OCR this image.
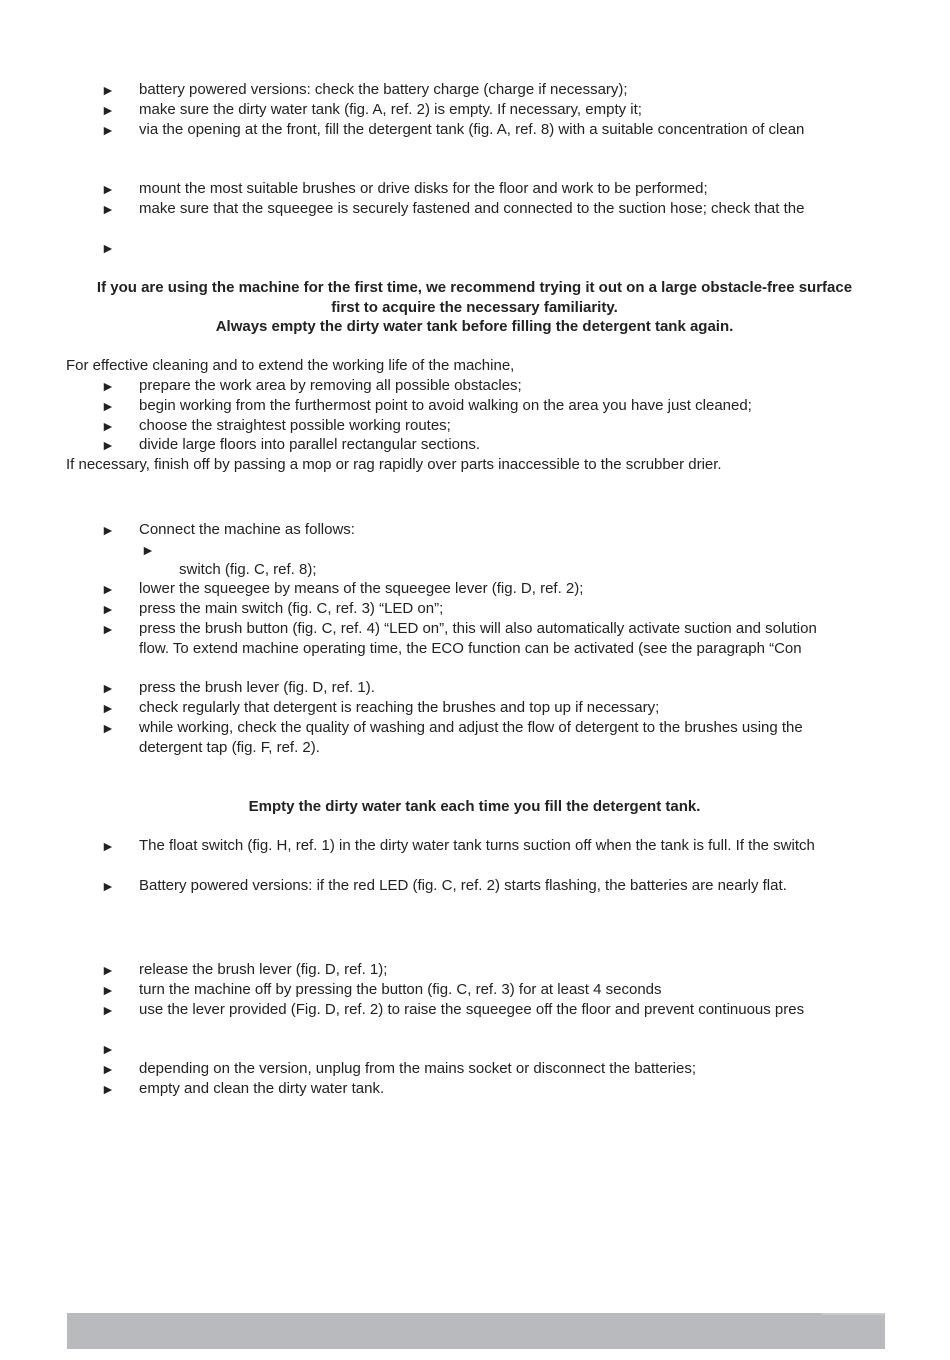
► battery powered versions: check the battery charge (charge if necessary);
► make sure the dirty water tank (fig. A, ref. 2) is empty. If necessary, empty it;
► via the opening at the front, fill the detergent tank (fig. A, ref. 8) with a suitable concentration of clean
► mount the most suitable brushes or drive disks for the floor and work to be performed;
► make sure that the squeegee is securely fastened and connected to the suction hose; check that the
►
If you are using the machine for the first time, we recommend trying it out on a large obstacle-free surface
first to acquire the necessary familiarity.
Always empty the dirty water tank before filling the detergent tank again.
For effective cleaning and to extend the working life of the machine,
► prepare the work area by removing all possible obstacles;
► begin working from the furthermost point to avoid walking on the area you have just cleaned;
► choose the straightest possible working routes;
► divide large floors into parallel rectangular sections.
If necessary, finish off by passing a mop or rag rapidly over parts inaccessible to the scrubber drier.
► Connect the machine as follows:
►
switch (fig. C, ref. 8);
► lower the squeegee by means of the squeegee lever (fig. D, ref. 2);
► press the main switch (fig. C, ref. 3) “LED on”;
► press the brush button (fig. C, ref. 4) “LED on”, this will also automatically activate suction and solution
flow. To extend machine operating time, the ECO function can be activated (see the paragraph “Con
► press the brush lever (fig. D, ref. 1).
► check regularly that detergent is reaching the brushes and top up if necessary;
► while working, check the quality of washing and adjust the flow of detergent to the brushes using the
detergent tap (fig. F, ref. 2).
Empty the dirty water tank each time you fill the detergent tank.
► The float switch (fig. H, ref. 1) in the dirty water tank turns suction off when the tank is full. If the switch
► Battery powered versions: if the red LED (fig. C, ref. 2) starts flashing, the batteries are nearly flat.
► release the brush lever (fig. D, ref. 1);
► turn the machine off by pressing the button (fig. C, ref. 3) for at least 4 seconds
► use the lever provided (Fig. D, ref. 2) to raise the squeegee off the floor and prevent continuous pres
►
► depending on the version, unplug from the mains socket or disconnect the batteries;
► empty and clean the dirty water tank.
